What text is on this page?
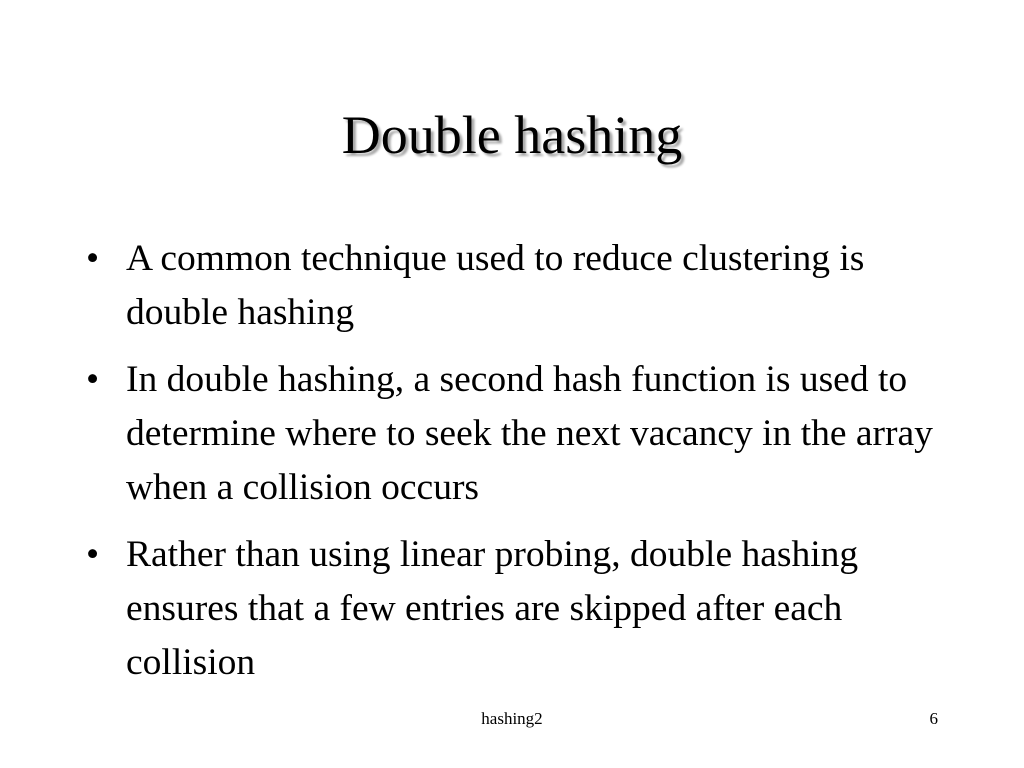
Double hashing
• A common technique used to reduce clustering is double hashing
• In double hashing, a second hash function is used to determine where to seek the next vacancy in the array when a collision occurs
• Rather than using linear probing, double hashing ensures that a few entries are skipped after each collision
hashing2	6
